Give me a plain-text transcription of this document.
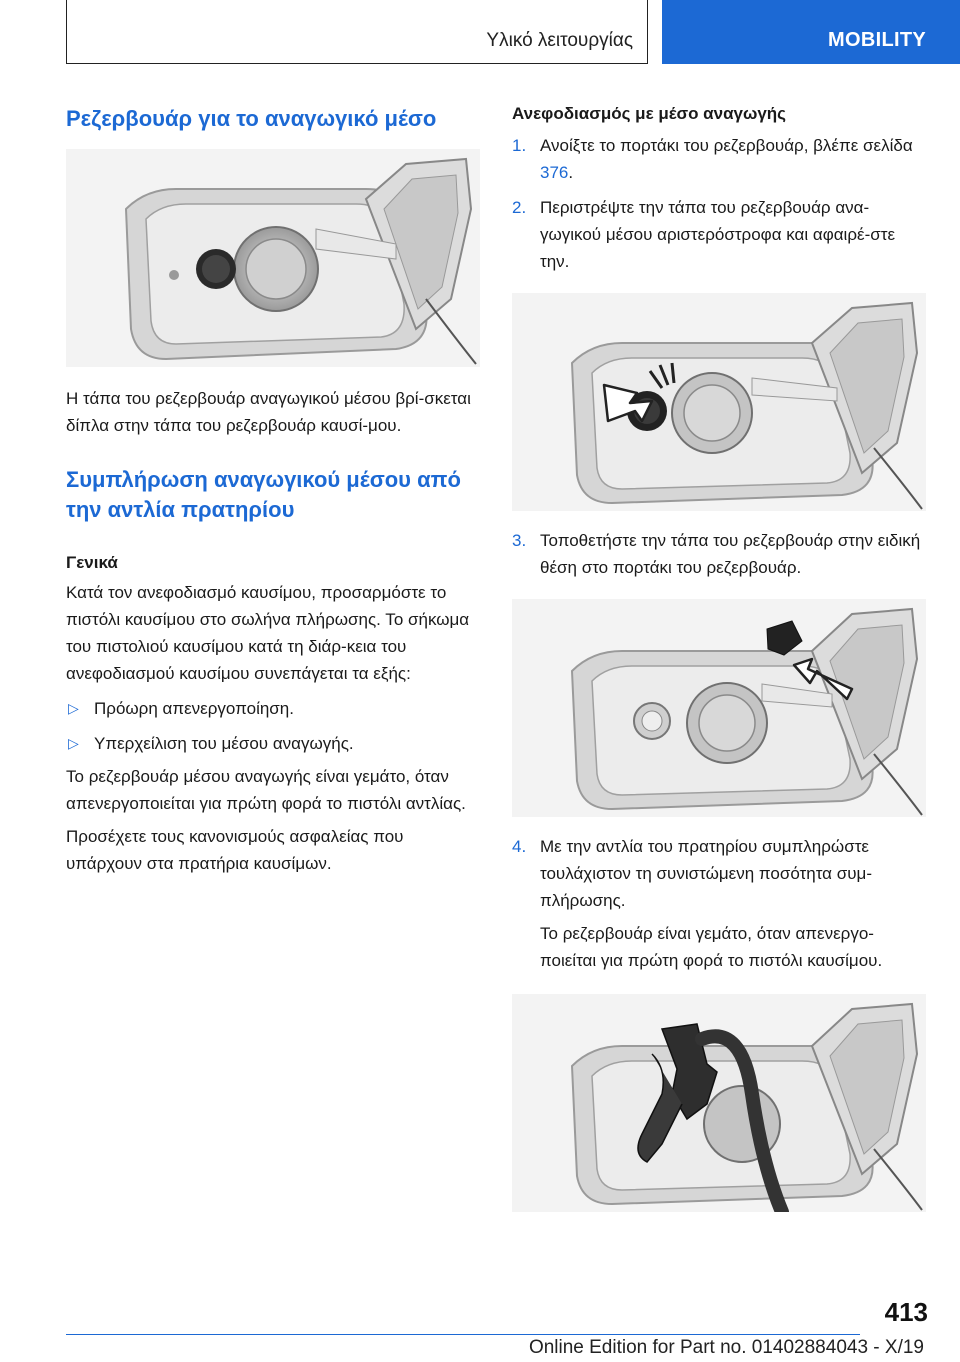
Υλικό λειτουργίας	MOBILITY
Ρεζερβουάρ για το αναγωγικό μέσο

Η τάπα του ρεζερβουάρ αναγωγικού μέσου βρί-σκεται δίπλα στην τάπα του ρεζερβουάρ καυσί-μου.

Συμπλήρωση αναγωγικού μέσου από την αντλία πρατηρίου
Γενικά

Κατά τον ανεφοδιασμό καυσίμου, προσαρμόστε το πιστόλι καυσίμου στο σωλήνα πλήρωσης. Το σήκωμα του πιστολιού καυσίμου κατά τη διάρ-κεια του ανεφοδιασμού καυσίμου συνεπάγεται τα εξής:

▷ Πρόωρη απενεργοποίηση.
▷ Υπερχείλιση του μέσου αναγωγής.

Το ρεζερβουάρ μέσου αναγωγής είναι γεμάτο, όταν απενεργοποιείται για πρώτη φορά το πιστόλι αντλίας.

Προσέχετε τους κανονισμούς ασφαλείας που υπάρχουν στα πρατήρια καυσίμων.

Ανεφοδιασμός με μέσο αναγωγής
1. Ανοίξτε το πορτάκι του ρεζερβουάρ, βλέπε σελίδα 376.
2. Περιστρέψτε την τάπα του ρεζερβουάρ ανα-γωγικού μέσου αριστερόστροφα και αφαιρέ-στε την.
3. Τοποθετήστε την τάπα του ρεζερβουάρ στην ειδική θέση στο πορτάκι του ρεζερβουάρ.
4. Με την αντλία του πρατηρίου συμπληρώστε τουλάχιστον τη συνιστώμενη ποσότητα συμ-πλήρωσης.

Το ρεζερβουάρ είναι γεμάτο, όταν απενεργο-ποιείται για πρώτη φορά το πιστόλι καυσίμου.

413
Online Edition for Part no. 01402884043 - X/19
